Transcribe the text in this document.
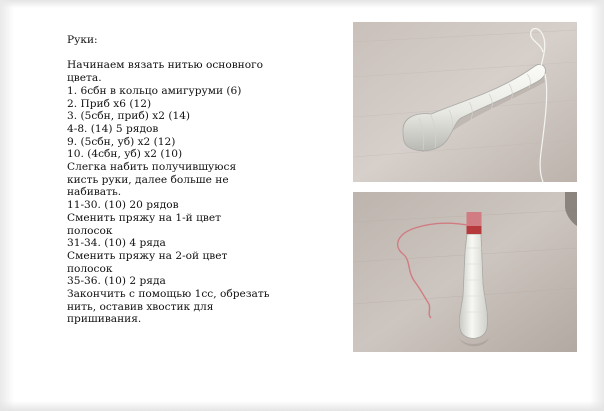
Руки:
Начинаем вязать нитью основного
цвета.
1. 6сбн в кольцо амигуруми (6)
2. Приб х6 (12)
3. (5сбн, приб) х2 (14)
4-8. (14) 5 рядов
9. (5сбн, уб) х2 (12)
10. (4сбн, уб) х2 (10)
Слегка набить получившуюся
кисть руки, далее больше не
набивать.
11-30. (10) 20 рядов
Сменить пряжу на 1-й цвет
полосок
31-34. (10) 4 ряда
Сменить пряжу на 2-ой цвет
полосок
35-36. (10) 2 ряда
Закончить с помощью 1сс, обрезать
нить, оставив хвостик для
пришивания.
